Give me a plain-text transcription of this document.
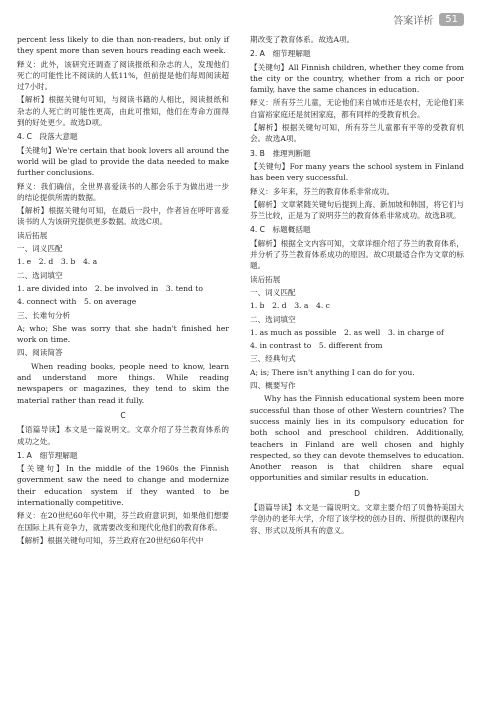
答案详析	51
percent less likely to die than non-readers, but only if they spent more than seven hours reading each week.
释义：此外，该研究还调查了阅读报纸和杂志的人，发现他们死亡的可能性比不阅读的人低11%，但前提是他们每周阅读超过7小时。
【解析】根据关键句可知，与阅读书籍的人相比，阅读报纸和杂志的人死亡的可能性更高，由此可推知，他们在寿命方面得到的好处更少。故选D项。
4. C　段落大意题
【关键句】We're certain that book lovers all around the world will be glad to provide the data needed to make further conclusions.
释义：我们确信，全世界喜爱读书的人都会乐于为做出进一步的结论提供所需的数据。
【解析】根据关键句可知，在最后一段中，作者旨在呼吁喜爱读书的人为该研究提供更多数据。故选C项。
读后拓展
一、词义匹配
1. e　2. d　3. b　4. a
二、选词填空
1. are divided into　2. be involved in　3. tend to
4. connect with　5. on average
三、长难句分析
A; who; She was sorry that she hadn't finished her work on time.
四、阅读简答
When reading books, people need to know, learn and understand more things. While reading newspapers or magazines, they tend to skim the material rather than read it fully.
C
【语篇导读】本文是一篇说明文。文章介绍了芬兰教育体系的成功之处。
1. A　细节理解题
【关键句】In the middle of the 1960s the Finnish government saw the need to change and modernize their education system if they wanted to be internationally competitive.
释义：在20世纪60年代中期，芬兰政府意识到，如果他们想要在国际上具有竞争力，就需要改变和现代化他们的教育体系。
【解析】根据关键句可知，芬兰政府在20世纪60年代中
期改变了教育体系。故选A项。
2. A　细节理解题
【关键句】All Finnish children, whether they come from the city or the country, whether from a rich or poor family, have the same chances in education.
释义：所有芬兰儿童，无论他们来自城市还是农村，无论他们来自富裕家庭还是贫困家庭，都有同样的受教育机会。
【解析】根据关键句可知，所有芬兰儿童都有平等的受教育机会。故选A项。
3. B　推理判断题
【关键句】For many years the school system in Finland has been very successful.
释义：多年来，芬兰的教育体系非常成功。
【解析】文章紧随关键句后提到上海、新加坡和韩国，将它们与芬兰比较，正是为了说明芬兰的教育体系非常成功。故选B项。
4. C　标题概括题
【解析】根据全文内容可知，文章详细介绍了芬兰的教育体系，并分析了芬兰教育体系成功的原因。故C项最适合作为文章的标题。
读后拓展
一、词义匹配
1. b　2. d　3. a　4. c
二、选词填空
1. as much as possible　2. as well　3. in charge of
4. in contrast to　5. different from
三、经典句式
A; is; There isn't anything I can do for you.
四、概要写作
Why has the Finnish educational system been more successful than those of other Western countries? The success mainly lies in its compulsory education for both school and preschool children. Additionally, teachers in Finland are well chosen and highly respected, so they can devote themselves to education. Another reason is that children share equal opportunities and similar results in education.
D
【语篇导读】本文是一篇说明文。文章主要介绍了贝鲁特美国大学创办的老年大学，介绍了该学校的创办目的、所提供的课程内容、形式以及所具有的意义。
